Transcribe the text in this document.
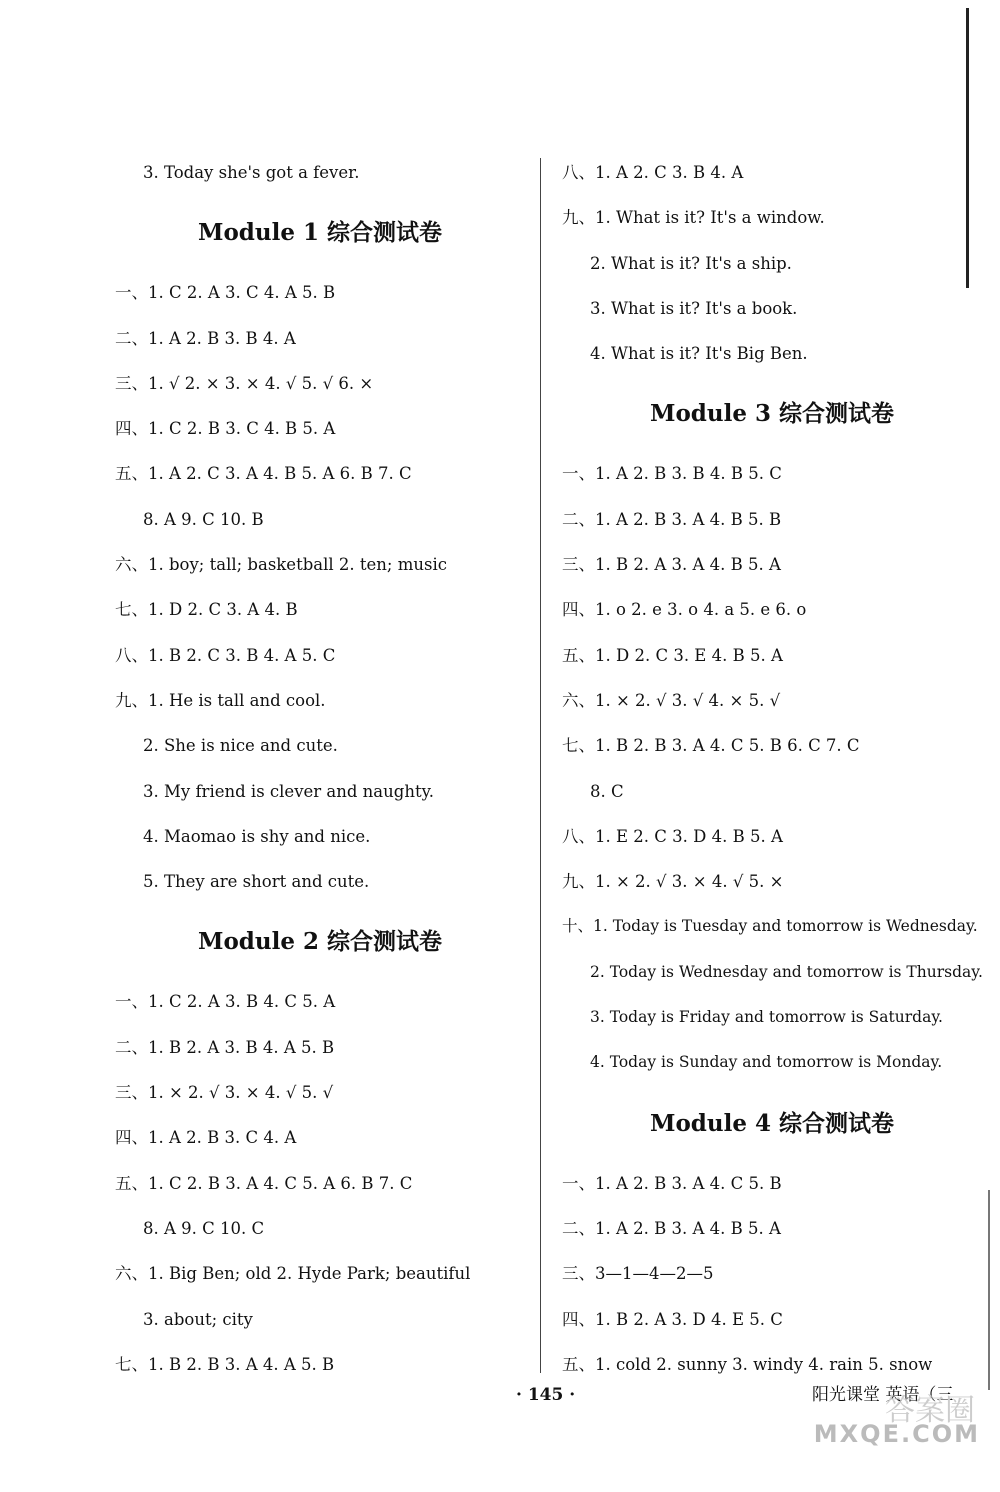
3. Today she's got a fever.
Module 1 综合测试卷
一、1. C 2. A 3. C 4. A 5. B
二、1. A 2. B 3. B 4. A
三、1. √ 2. × 3. × 4. √ 5. √ 6. ×
四、1. C 2. B 3. C 4. B 5. A
五、1. A 2. C 3. A 4. B 5. A 6. B 7. C
8. A 9. C 10. B
六、1. boy; tall; basketball 2. ten; music
七、1. D 2. C 3. A 4. B
八、1. B 2. C 3. B 4. A 5. C
九、1. He is tall and cool.
2. She is nice and cute.
3. My friend is clever and naughty.
4. Maomao is shy and nice.
5. They are short and cute.
Module 2 综合测试卷
一、1. C 2. A 3. B 4. C 5. A
二、1. B 2. A 3. B 4. A 5. B
三、1. × 2. √ 3. × 4. √ 5. √
四、1. A 2. B 3. C 4. A
五、1. C 2. B 3. A 4. C 5. A 6. B 7. C
8. A 9. C 10. C
六、1. Big Ben; old 2. Hyde Park; beautiful
3. about; city
七、1. B 2. B 3. A 4. A 5. B
八、1. A 2. C 3. B 4. A
九、1. What is it? It's a window.
2. What is it? It's a ship.
3. What is it? It's a book.
4. What is it? It's Big Ben.
Module 3 综合测试卷
一、1. A 2. B 3. B 4. B 5. C
二、1. A 2. B 3. A 4. B 5. B
三、1. B 2. A 3. A 4. B 5. A
四、1. o 2. e 3. o 4. a 5. e 6. o
五、1. D 2. C 3. E 4. B 5. A
六、1. × 2. √ 3. √ 4. × 5. √
七、1. B 2. B 3. A 4. C 5. B 6. C 7. C
8. C
八、1. E 2. C 3. D 4. B 5. A
九、1. × 2. √ 3. × 4. √ 5. ×
十、1. Today is Tuesday and tomorrow is Wednesday.
2. Today is Wednesday and tomorrow is Thursday.
3. Today is Friday and tomorrow is Saturday.
4. Today is Sunday and tomorrow is Monday.
Module 4 综合测试卷
一、1. A 2. B 3. A 4. C 5. B
二、1. A 2. B 3. A 4. B 5. A
三、3—1—4—2—5
四、1. B 2. A 3. D 4. E 5. C
五、1. cold 2. sunny 3. windy 4. rain 5. snow
· 145 ·	阳光课堂 英语（三
答案圈
MXQE.COM
